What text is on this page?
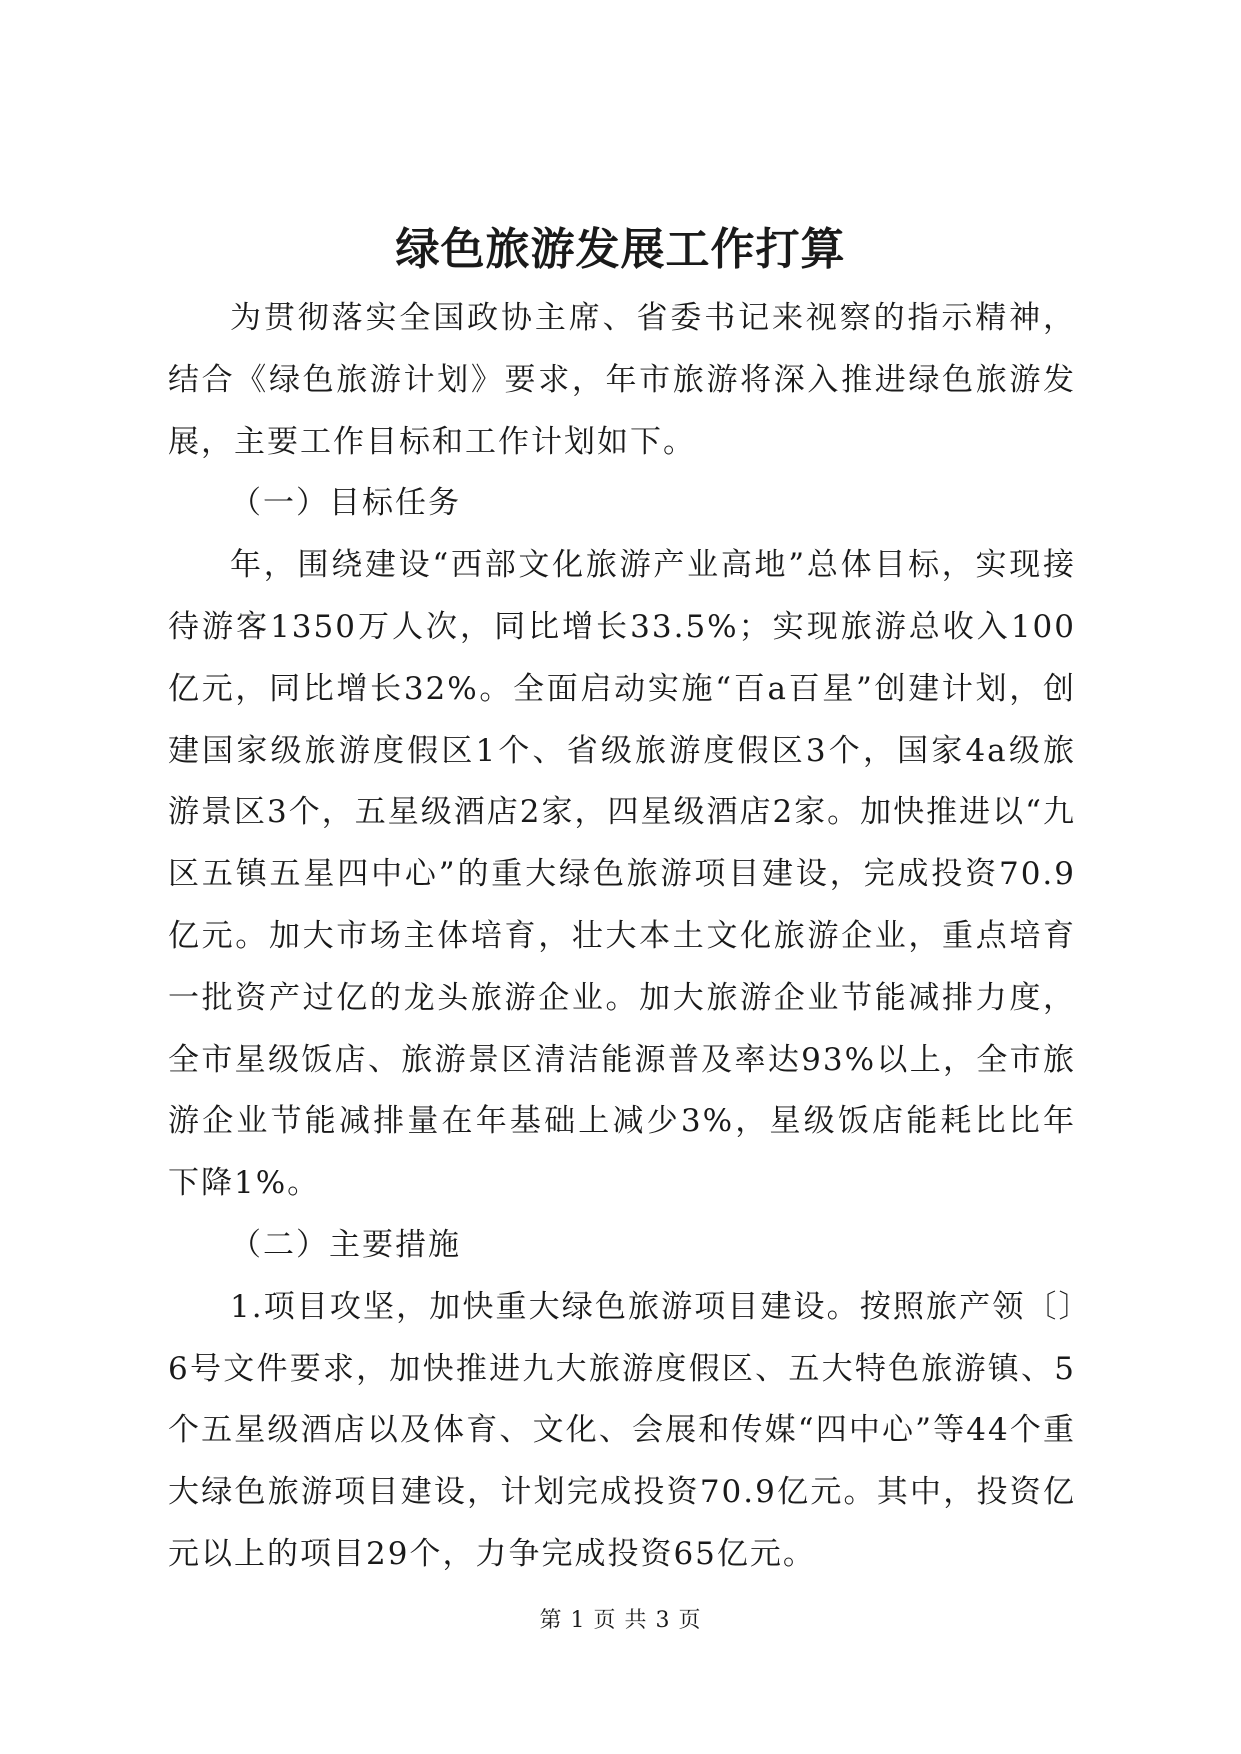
绿色旅游发展工作打算

为贯彻落实全国政协主席、省委书记来视察的指示精神，结合《绿色旅游计划》要求，年市旅游将深入推进绿色旅游发展，主要工作目标和工作计划如下。

（一）目标任务

年，围绕建设“西部文化旅游产业高地”总体目标，实现接待游客1350万人次，同比增长33.5%；实现旅游总收入100亿元，同比增长32%。全面启动实施“百a百星”创建计划，创建国家级旅游度假区1个、省级旅游度假区3个，国家4a级旅游景区3个，五星级酒店2家，四星级酒店2家。加快推进以“九区五镇五星四中心”的重大绿色旅游项目建设，完成投资70.9亿元。加大市场主体培育，壮大本土文化旅游企业，重点培育一批资产过亿的龙头旅游企业。加大旅游企业节能减排力度，全市星级饭店、旅游景区清洁能源普及率达93%以上，全市旅游企业节能减排量在年基础上减少3%，星级饭店能耗比比年下降1%。

（二）主要措施

1.项目攻坚，加快重大绿色旅游项目建设。按照旅产领〔〕6号文件要求，加快推进九大旅游度假区、五大特色旅游镇、5个五星级酒店以及体育、文化、会展和传媒“四中心”等44个重大绿色旅游项目建设，计划完成投资70.9亿元。其中，投资亿元以上的项目29个，力争完成投资65亿元。

第 1 页 共 3 页
